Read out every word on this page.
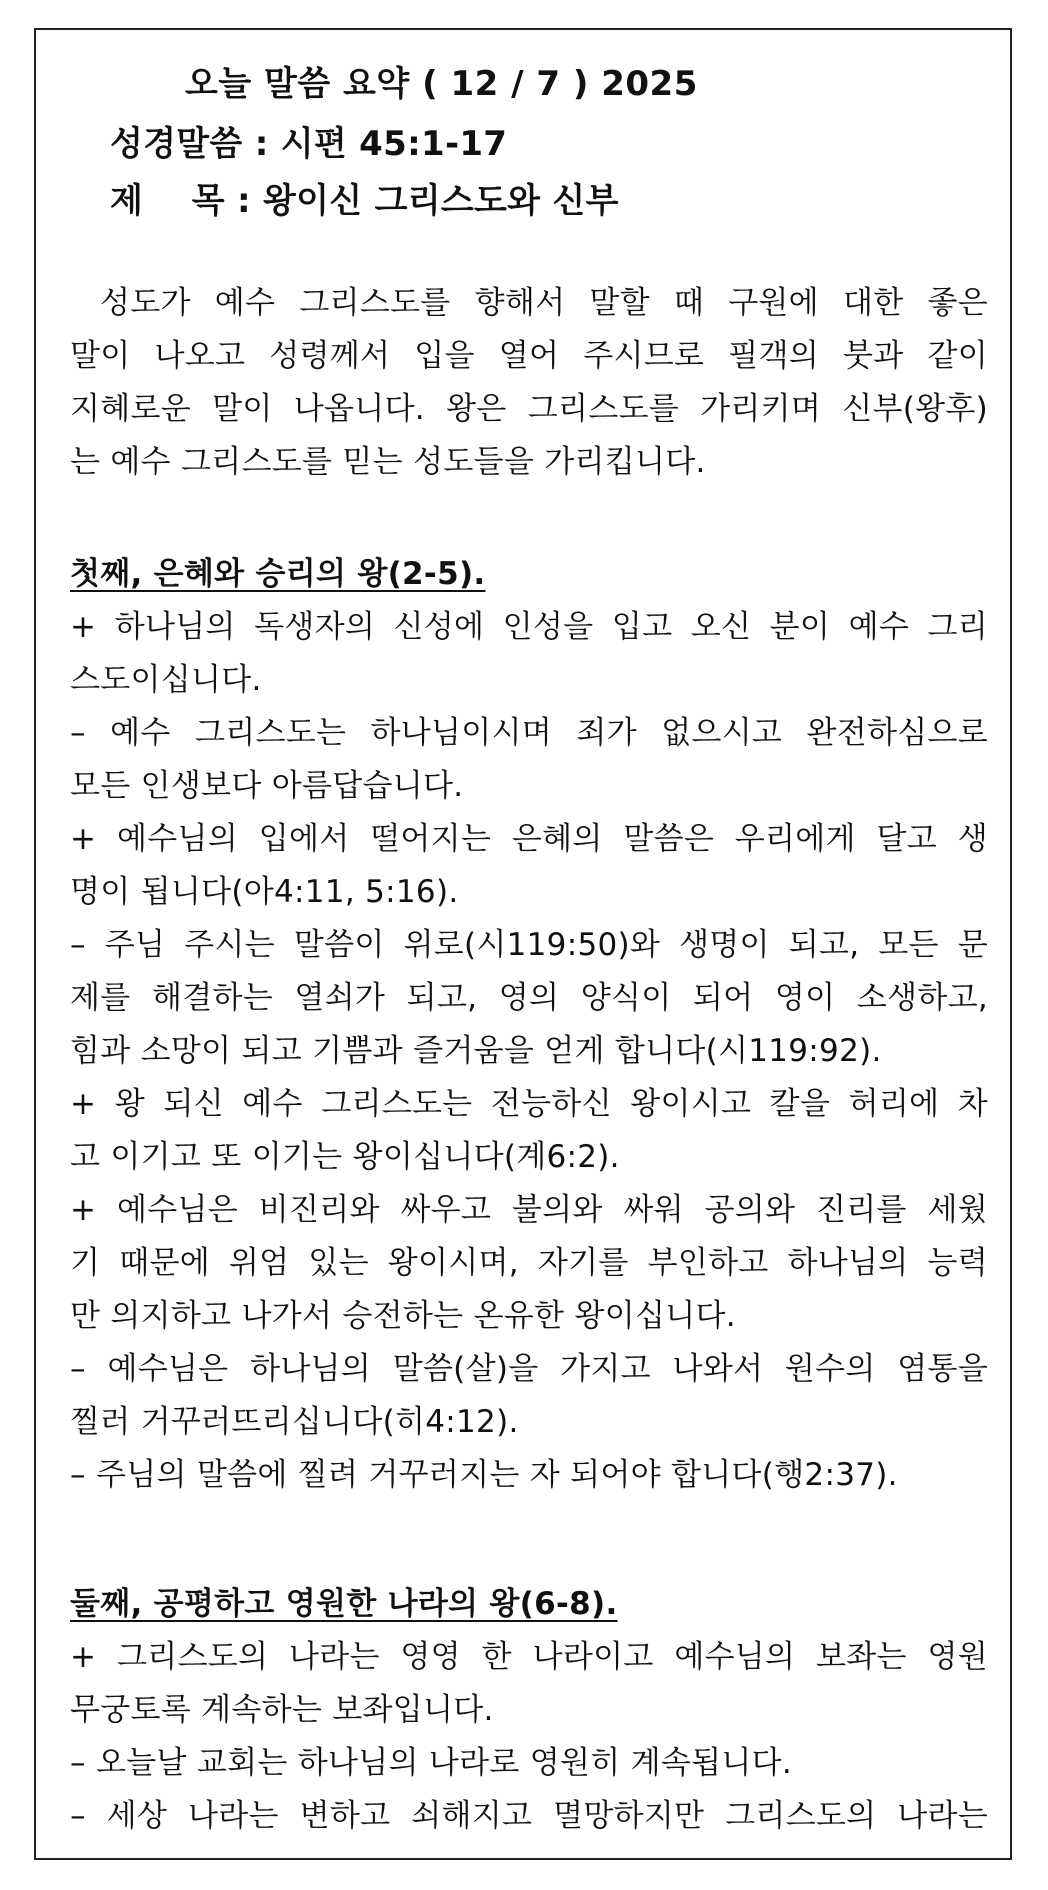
오늘 말씀 요약 ( 12 / 7 ) 2025
성경말씀 : 시편 45:1-17
제    목 : 왕이신 그리스도와 신부
성도가 예수 그리스도를 향해서 말할 때 구원에 대한 좋은
말이 나오고 성령께서 입을 열어 주시므로 필객의 붓과 같이
지혜로운 말이 나옵니다. 왕은 그리스도를 가리키며 신부(왕후)
는 예수 그리스도를 믿는 성도들을 가리킵니다.
첫째, 은혜와 승리의 왕(2-5).
+ 하나님의 독생자의 신성에 인성을 입고 오신 분이 예수 그리
스도이십니다.
– 예수 그리스도는 하나님이시며 죄가 없으시고 완전하심으로
모든 인생보다 아름답습니다.
+ 예수님의 입에서 떨어지는 은혜의 말씀은 우리에게 달고 생
명이 됩니다(아4:11, 5:16).
– 주님 주시는 말씀이 위로(시119:50)와 생명이 되고, 모든 문
제를 해결하는 열쇠가 되고, 영의 양식이 되어 영이 소생하고,
힘과 소망이 되고 기쁨과 즐거움을 얻게 합니다(시119:92).
+ 왕 되신 예수 그리스도는 전능하신 왕이시고 칼을 허리에 차
고 이기고 또 이기는 왕이십니다(계6:2).
+ 예수님은 비진리와 싸우고 불의와 싸워 공의와 진리를 세웠
기 때문에 위엄 있는 왕이시며, 자기를 부인하고 하나님의 능력
만 의지하고 나가서 승전하는 온유한 왕이십니다.
– 예수님은 하나님의 말씀(살)을 가지고 나와서 원수의 염통을
찔러 거꾸러뜨리십니다(히4:12).
– 주님의 말씀에 찔려 거꾸러지는 자 되어야 합니다(행2:37).
둘째, 공평하고 영원한 나라의 왕(6-8).
+ 그리스도의 나라는 영영 한 나라이고 예수님의 보좌는 영원
무궁토록 계속하는 보좌입니다.
– 오늘날 교회는 하나님의 나라로 영원히 계속됩니다.
– 세상 나라는 변하고 쇠해지고 멸망하지만 그리스도의 나라는
